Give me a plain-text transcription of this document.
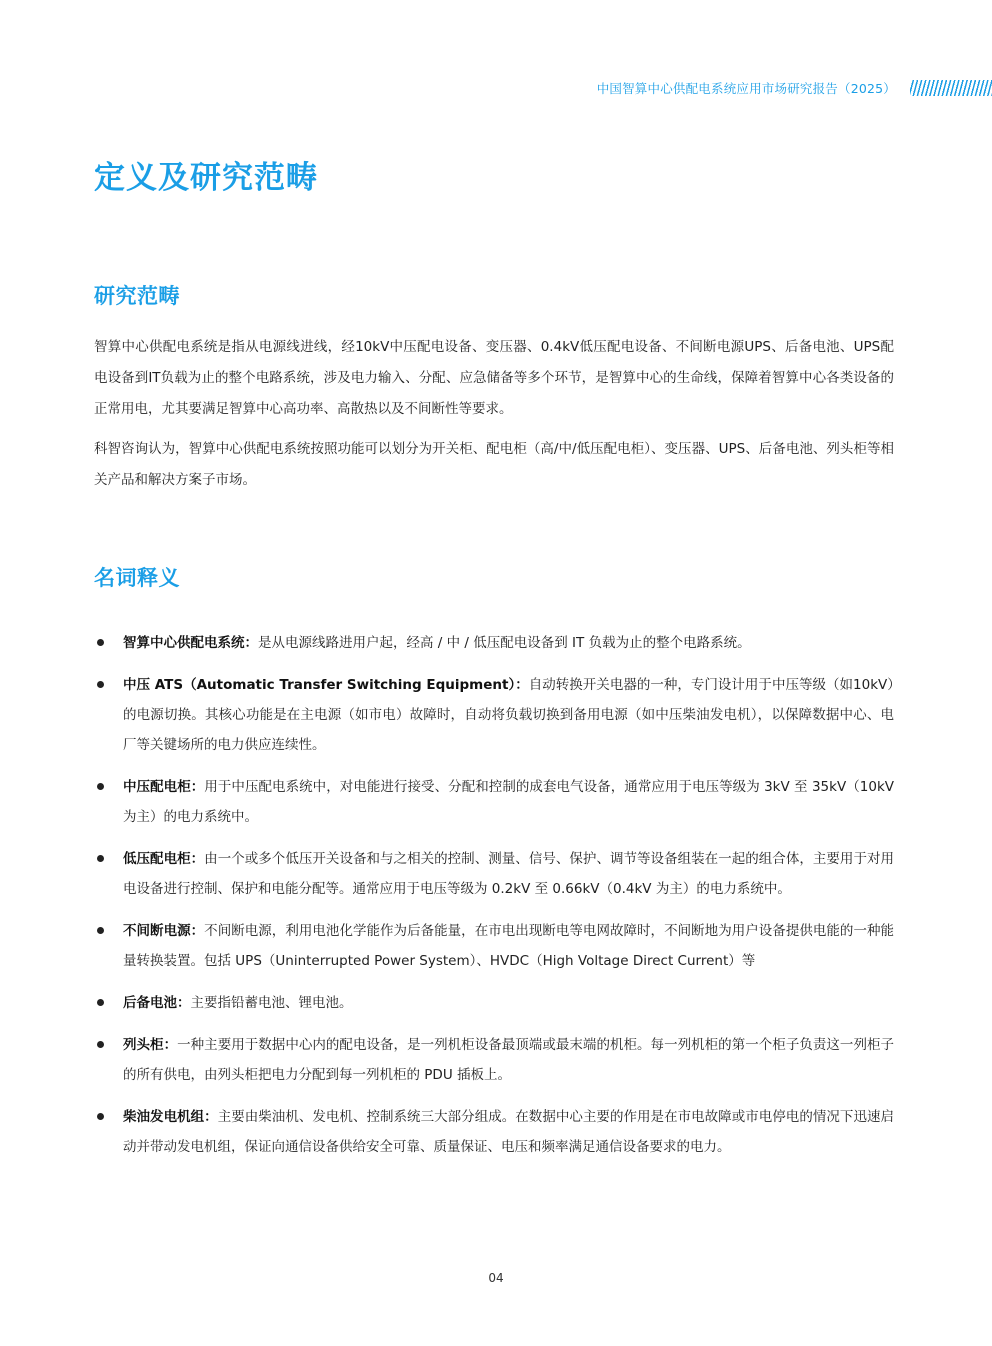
中国智算中心供配电系统应用市场研究报告（2025）
定义及研究范畴
研究范畴

智算中心供配电系统是指从电源线进线，经10kV中压配电设备、变压器、0.4kV低压配电设备、不间断电源UPS、后备电池、UPS配电设备到IT负载为止的整个电路系统，涉及电力输入、分配、应急储备等多个环节，是智算中心的生命线，保障着智算中心各类设备的正常用电，尤其要满足智算中心高功率、高散热以及不间断性等要求。

科智咨询认为，智算中心供配电系统按照功能可以划分为开关柜、配电柜（高/中/低压配电柜）、变压器、UPS、后备电池、列头柜等相关产品和解决方案子市场。

名词释义
智算中心供配电系统：是从电源线路进用户起，经高 / 中 / 低压配电设备到 IT 负载为止的整个电路系统。
中压 ATS（Automatic Transfer Switching Equipment）：自动转换开关电器的一种，专门设计用于中压等级（如10kV）的电源切换。其核心功能是在主电源（如市电）故障时，自动将负载切换到备用电源（如中压柴油发电机），以保障数据中心、电厂等关键场所的电力供应连续性。
中压配电柜：用于中压配电系统中，对电能进行接受、分配和控制的成套电气设备，通常应用于电压等级为 3kV 至 35kV（10kV 为主）的电力系统中。
低压配电柜：由一个或多个低压开关设备和与之相关的控制、测量、信号、保护、调节等设备组装在一起的组合体，主要用于对用电设备进行控制、保护和电能分配等。通常应用于电压等级为 0.2kV 至 0.66kV（0.4kV 为主）的电力系统中。
不间断电源：不间断电源，利用电池化学能作为后备能量，在市电出现断电等电网故障时，不间断地为用户设备提供电能的一种能量转换装置。包括 UPS（Uninterrupted Power System）、HVDC（High Voltage Direct Current）等
后备电池：主要指铅蓄电池、锂电池。
列头柜：一种主要用于数据中心内的配电设备，是一列机柜设备最顶端或最末端的机柜。每一列机柜的第一个柜子负责这一列柜子的所有供电，由列头柜把电力分配到每一列机柜的 PDU 插板上。
柴油发电机组：主要由柴油机、发电机、控制系统三大部分组成。在数据中心主要的作用是在市电故障或市电停电的情况下迅速启动并带动发电机组，保证向通信设备供给安全可靠、质量保证、电压和频率满足通信设备要求的电力。
04
